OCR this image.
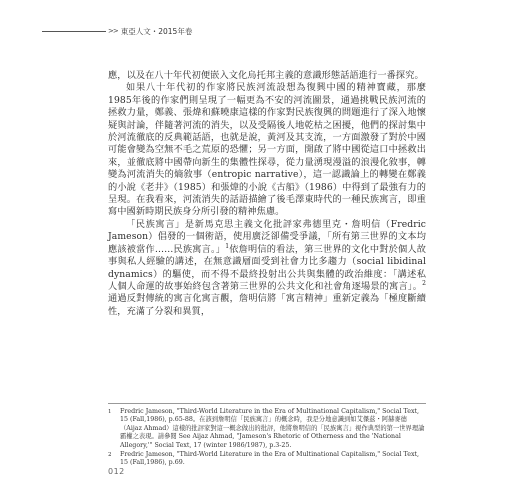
>> 東亞人文・2015年卷

應，以及在八十年代初便嵌入文化烏托邦主義的意識形態話語進行一番探究。

如果八十年代初的作家將民族河流設想為復興中國的精神寶藏，那麼1985年後的作家們則呈現了一幅更為不安的河流圖景，通過挑戰民族河流的拯救力量，鄭義、張煒和蘇曉康這樣的作家對民族復興的問題進行了深入地懷疑與討論，伴隨著河流的消失，以及受隔後人地乾枯之困擾，他們的探討集中於河流徹底的反典範話語，也就是說，黃河及其支流，一方面激發了對於中國可能會變為空無不毛之荒原的恐懼；另一方面，開啟了將中國從這口中拯救出來，並徹底將中國帶向新生的集體性探尋，從力量湧現漫溢的浪漫化敘事，轉變為河流消失的熵敘事（entropic narrative），這一認識論上的轉變在鄭義的小說《老井》（1985）和張煒的小說《古船》（1986）中得到了最強有力的呈現。在我看來，河流消失的話語描繪了後毛澤東時代的一種民族寓言，即重寫中國新時期民族身分所引發的精神焦慮。

「民族寓言」是新馬克思主義文化批評家弗德里克・詹明信（Fredric Jameson）倡發的一個術語，使用廣泛卻備受爭議，「所有第三世界的文本均應該被當作……民族寓言。」$^1$依詹明信的看法，第三世界的文化中對於個人故事與私人經驗的講述，在無意識層面受到社會力比多趨力（social libidinal dynamics）的驅使，而不得不最終投射出公共與集體的政治維度：「講述私人個人命運的故事始終包含著第三世界的公共文化和社會角逐場景的寓言」。$^2$通過反對傳統的寓言化寓言觀，詹明信將「寓言精神」重新定義為「極度斷續性，充滿了分裂和異質，

1	Fredric Jameson, "Third-World Literature in the Era of Multinational Capitalism," Social Text, 15 (Fall,1986), p.65-88。在該到詹明信「民族寓言」的概念時，我是分地意識到如艾傑茲・阿赫麥德（Aijaz Ahmad）這樣的批評家對這一概念做出的批評，他將詹明信的「民族寓言」視作典型的第一世界理論霸權之表現。請參閱 See Aijaz Ahmad, "Jameson's Rhetoric of Otherness and the 'National Allegory,'" Social Text, 17 (winter 1986/1987), p.3-25.
2	Fredric Jameson, "Third-World Literature in the Era of Multinational Capitalism," Social Text, 15 (Fall,1986), p.69.
012
